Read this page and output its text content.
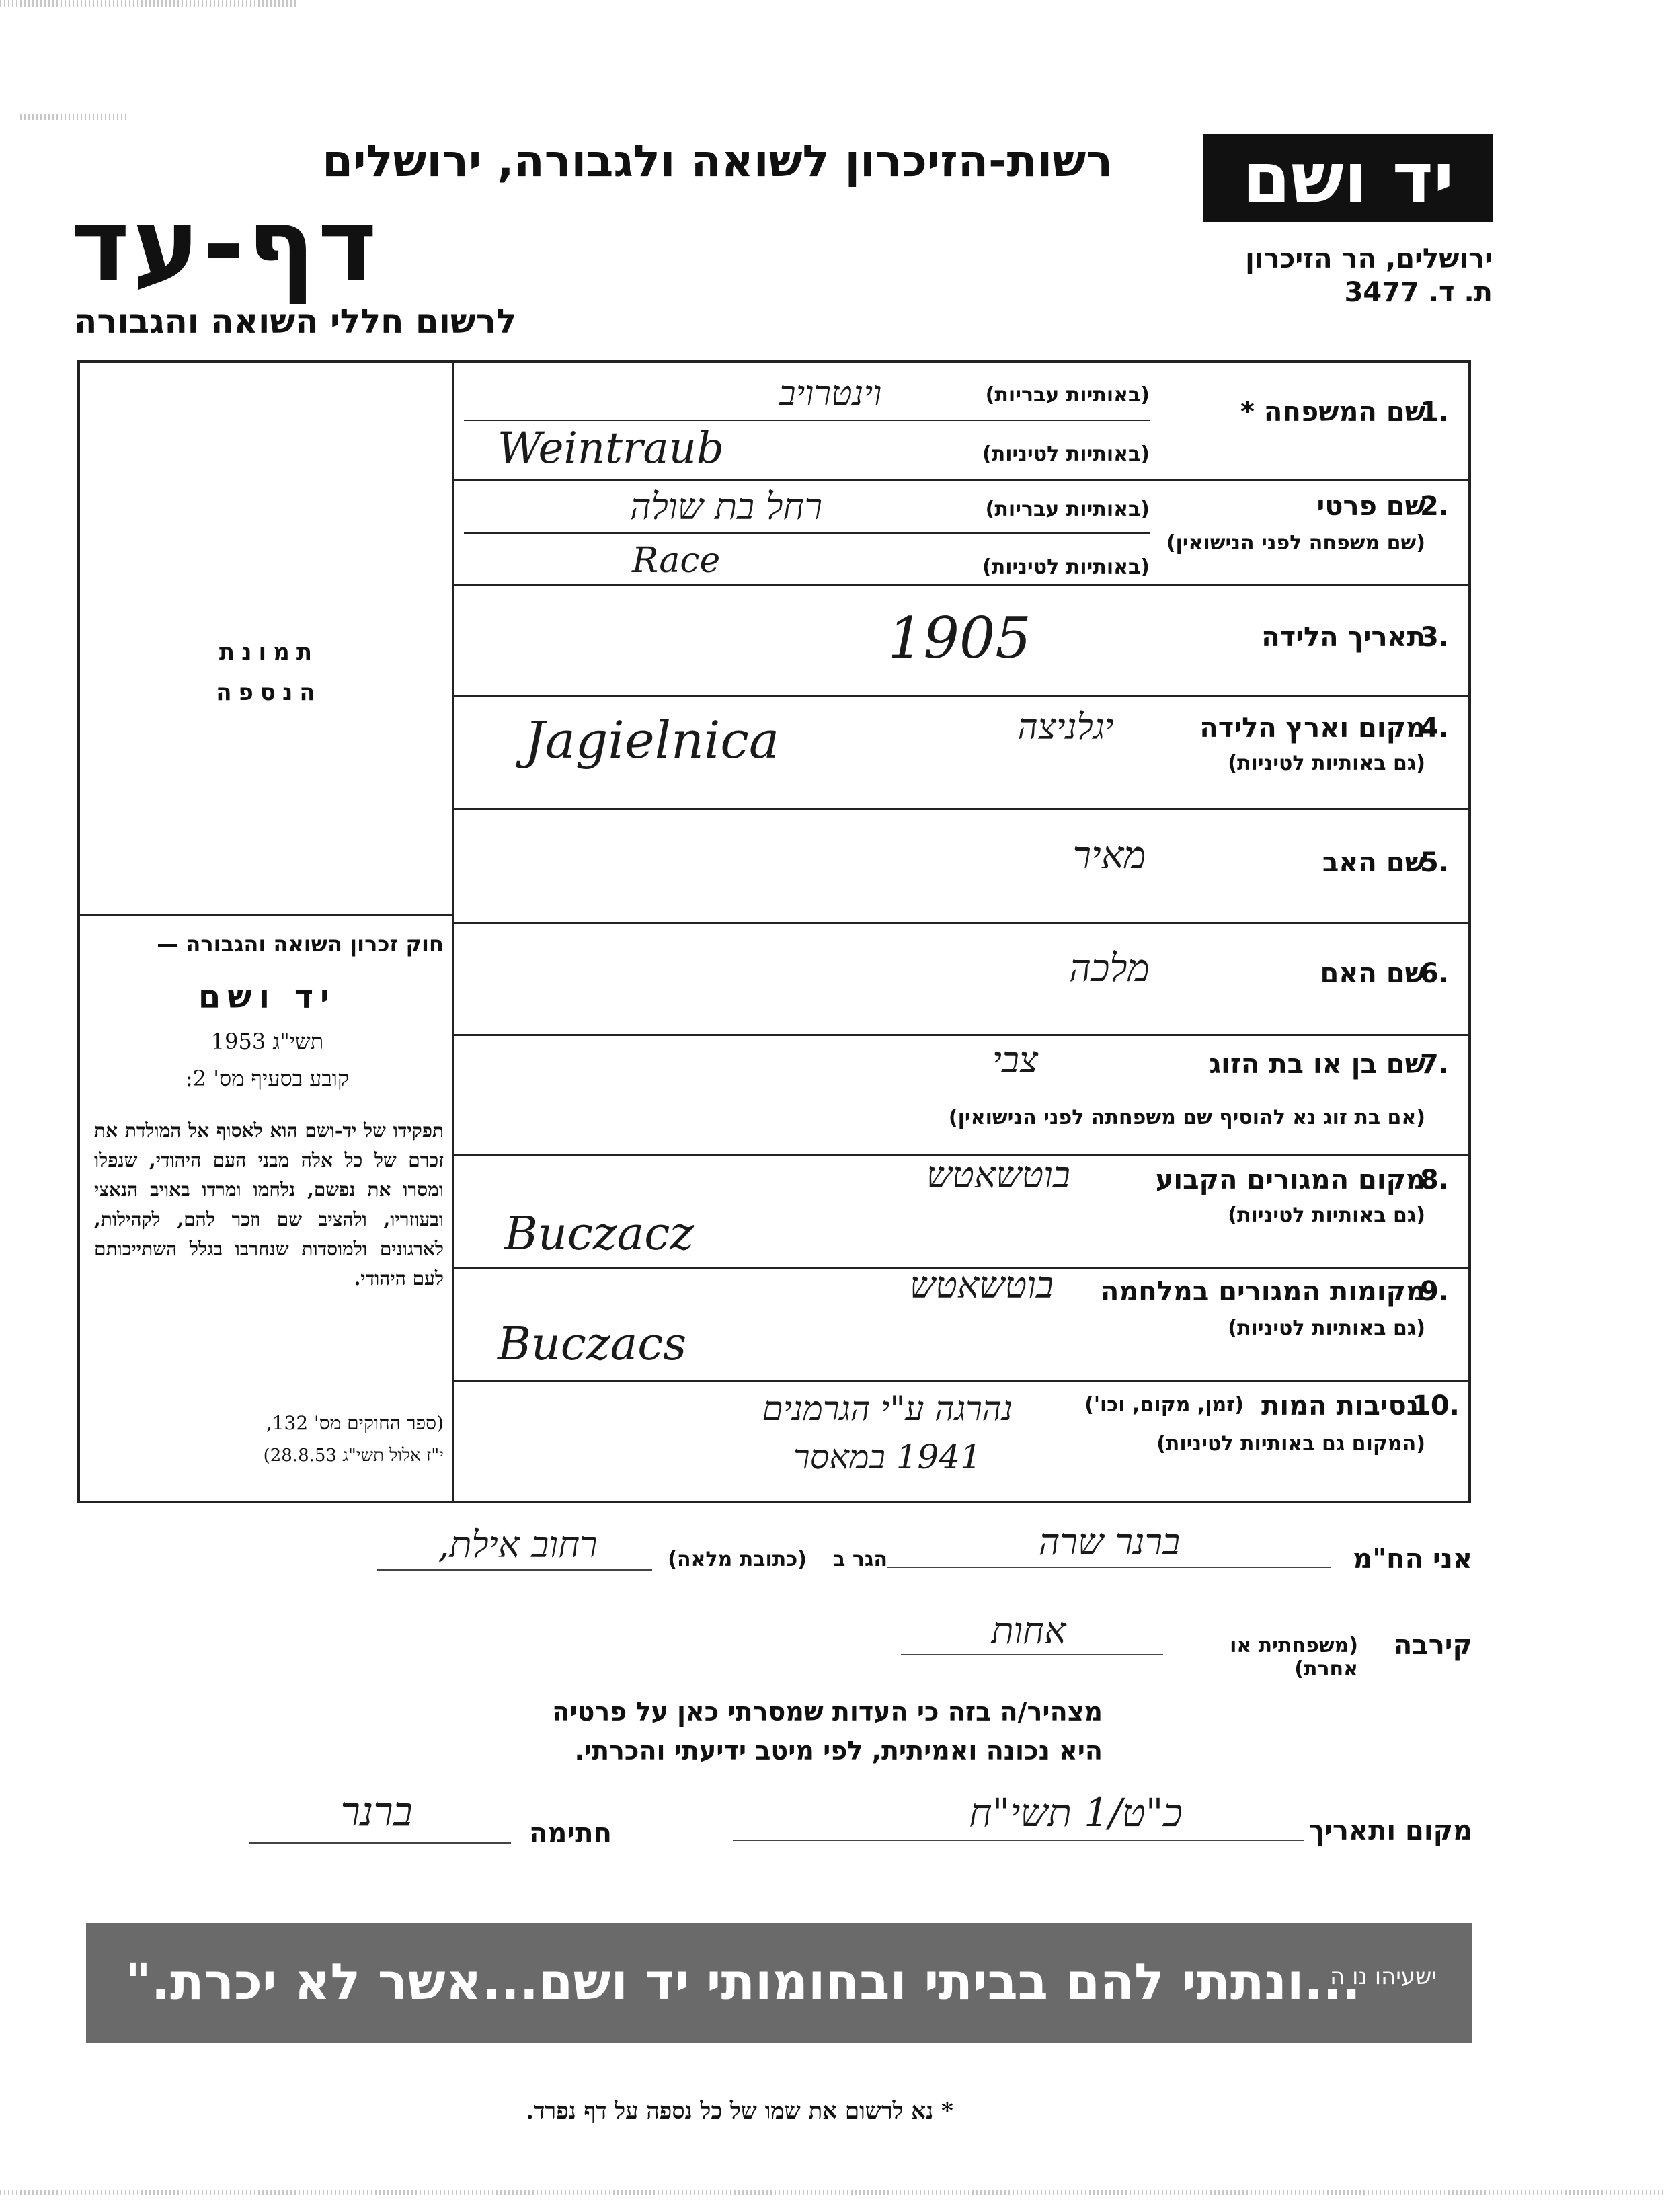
רשות-הזיכרון לשואה ולגבורה, ירושלים
דף-עד
לרשום חללי השואה והגבורה
יד ושם
ירושלים, הר הזיכרון
ת. ד. 3477
תמונת
הנספה
חוק זכרון השואה והגבורה —
יד ושם
תשי"ג 1953
קובע בסעיף מס' 2:
תפקידו של יד-ושם הוא לאסוף אל המולדת את זכרם של כל אלה מבני העם היהודי, שנפלו ומסרו את נפשם, נלחמו ומרדו באויב הנאצי ובעוזריו, ולהציב שם וזכר להם, לקהילות, לארגונים ולמוסדות שנחרבו בגלל השתייכותם לעם היהודי.
(ספר החוקים מס' 132,
י"ז אלול תשי"ג 28.8.53)
1.
שם המשפחה *
(באותיות עבריות)
(באותיות לטיניות)
וינטרויב
Weintraub
2.
שם פרטי
(שם משפחה לפני הנישואין)
(באותיות עבריות)
(באותיות לטיניות)
רחל בת שולה
Race
3.
תאריך הלידה
1905
4.
מקום וארץ הלידה
(גם באותיות לטיניות)
יגלניצה
Jagielnica
5.
שם האב
מאיר
6.
שם האם
מלכה
7.
שם בן או בת הזוג
(אם בת זוג נא להוסיף שם משפחתה לפני הנישואין)
צבי
8.
מקום המגורים הקבוע
(גם באותיות לטיניות)
בוטשאטש
Buczacz
9.
מקומות המגורים במלחמה
(גם באותיות לטיניות)
בוטשאטש
Buczacs
10.
נסיבות המות
(זמן, מקום, וכו')
(המקום גם באותיות לטיניות)
נהרגה ע"י הגרמנים
1941 במאסר
אני הח"מ
ברנר שרה
הגר ב
(כתובת מלאה)
רחוב אילת,
קירבה
(משפחתית או אחרת)
אחות
מצהיר/ה בזה כי העדות שמסרתי כאן על פרטיה
היא נכונה ואמיתית, לפי מיטב ידיעתי והכרתי.
מקום ותאריך
כ"ט/1 תשי"ח
חתימה
ברנר
...ונתתי להם בביתי ובחומותי יד ושם...אשר לא יכרת."
ישעיהו נו ה
* נא לרשום את שמו של כל נספה על דף נפרד.
